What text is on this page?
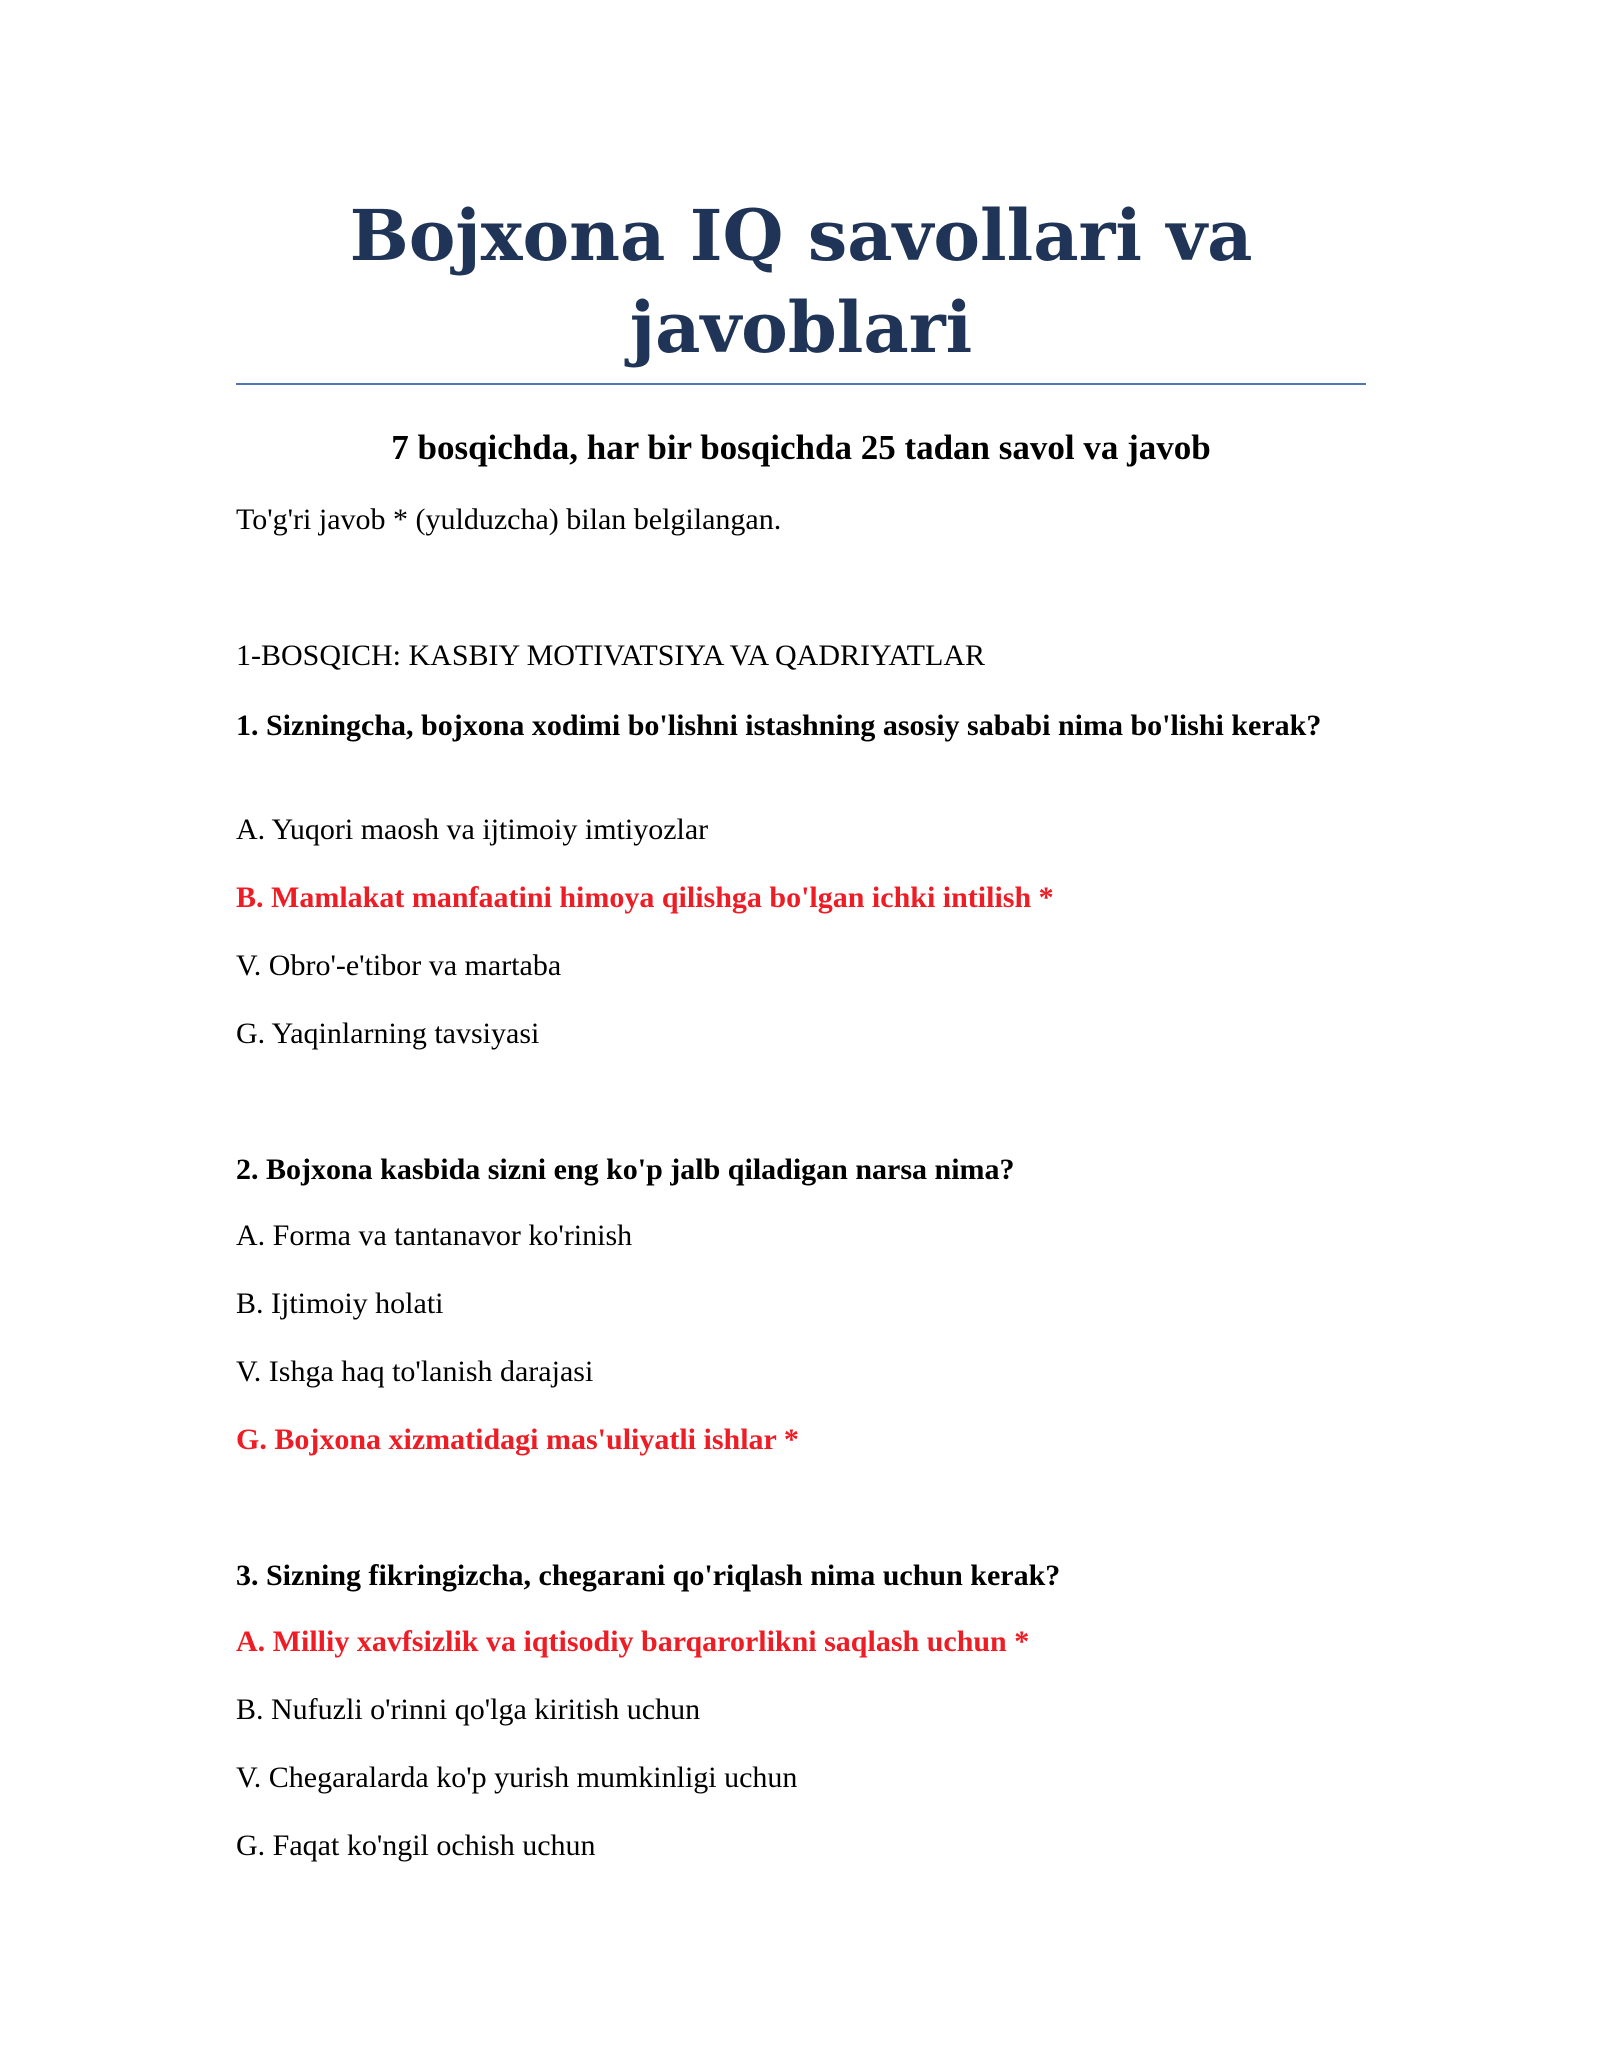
Bojxona IQ savollari va javoblari
7 bosqichda, har bir bosqichda 25 tadan savol va javob
To'g'ri javob * (yulduzcha) bilan belgilangan.
1-BOSQICH: KASBIY MOTIVATSIYA VA QADRIYATLAR
1. Sizningcha, bojxona xodimi bo'lishni istashning asosiy sababi nima bo'lishi kerak?
A. Yuqori maosh va ijtimoiy imtiyozlar
B. Mamlakat manfaatini himoya qilishga bo'lgan ichki intilish *
V. Obro'-e'tibor va martaba
G. Yaqinlarning tavsiyasi
2. Bojxona kasbida sizni eng ko'p jalb qiladigan narsa nima?
A. Forma va tantanavor ko'rinish
B. Ijtimoiy holati
V. Ishga haq to'lanish darajasi
G. Bojxona xizmatidagi mas'uliyatli ishlar *
3. Sizning fikringizcha, chegarani qo'riqlash nima uchun kerak?
A. Milliy xavfsizlik va iqtisodiy barqarorlikni saqlash uchun *
B. Nufuzli o'rinni qo'lga kiritish uchun
V. Chegaralarda ko'p yurish mumkinligi uchun
G. Faqat ko'ngil ochish uchun
